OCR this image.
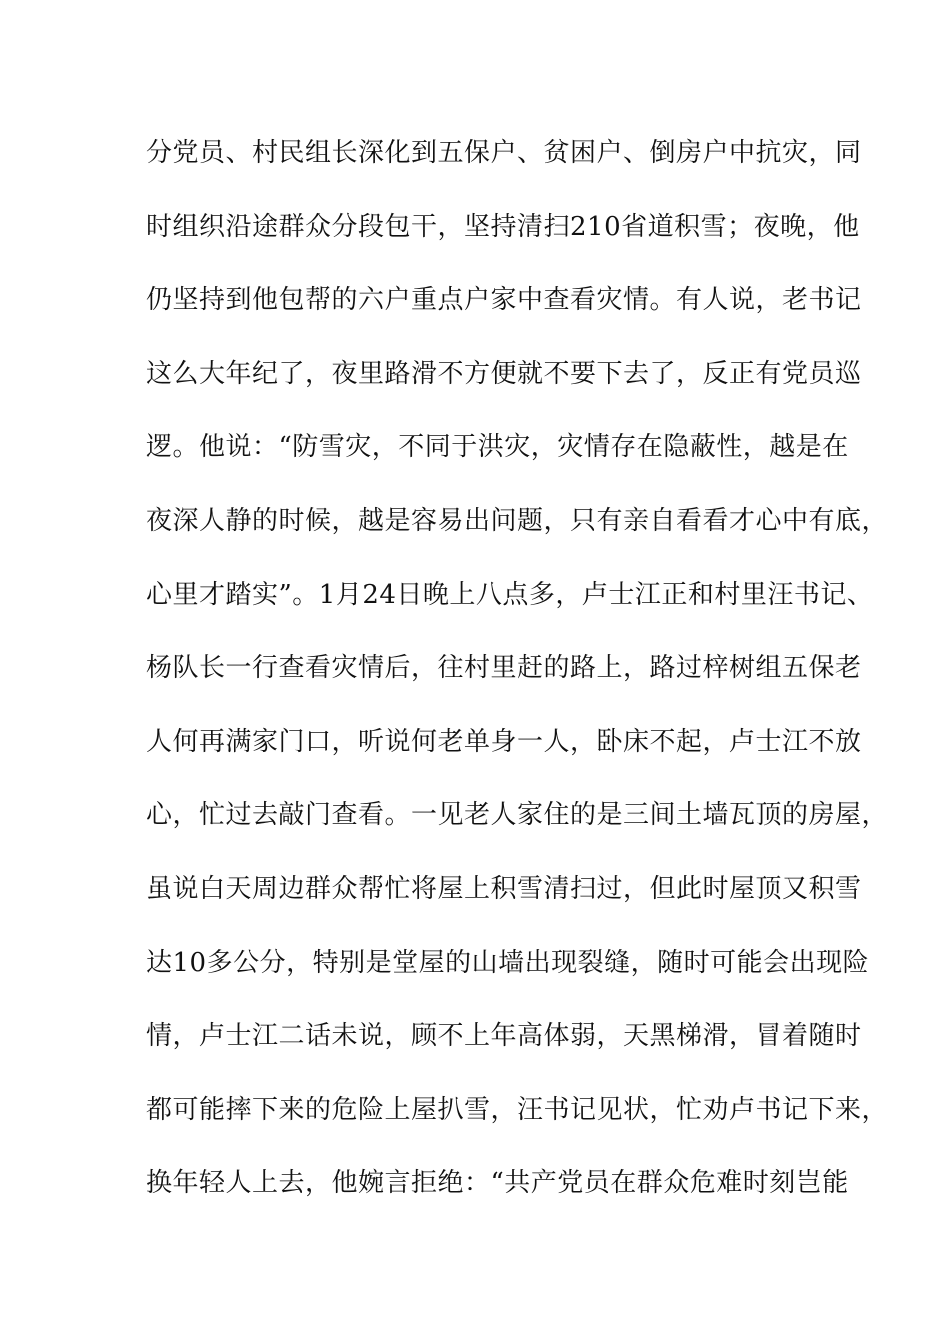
分党员、村民组长深化到五保户、贫困户、倒房户中抗灾，同
时组织沿途群众分段包干，坚持清扫210省道积雪；夜晚，他
仍坚持到他包帮的六户重点户家中查看灾情。有人说，老书记
这么大年纪了，夜里路滑不方便就不要下去了，反正有党员巡
逻。他说：“防雪灾，不同于洪灾，灾情存在隐蔽性，越是在
夜深人静的时候，越是容易出问题，只有亲自看看才心中有底，
心里才踏实”。1月24日晚上八点多，卢士江正和村里汪书记、
杨队长一行查看灾情后，往村里赶的路上，路过梓树组五保老
人何再满家门口，听说何老单身一人，卧床不起，卢士江不放
心，忙过去敲门查看。一见老人家住的是三间土墙瓦顶的房屋，
虽说白天周边群众帮忙将屋上积雪清扫过，但此时屋顶又积雪
达10多公分，特别是堂屋的山墙出现裂缝，随时可能会出现险
情，卢士江二话未说，顾不上年高体弱，天黑梯滑，冒着随时
都可能摔下来的危险上屋扒雪，汪书记见状，忙劝卢书记下来，
换年轻人上去，他婉言拒绝：“共产党员在群众危难时刻岂能
